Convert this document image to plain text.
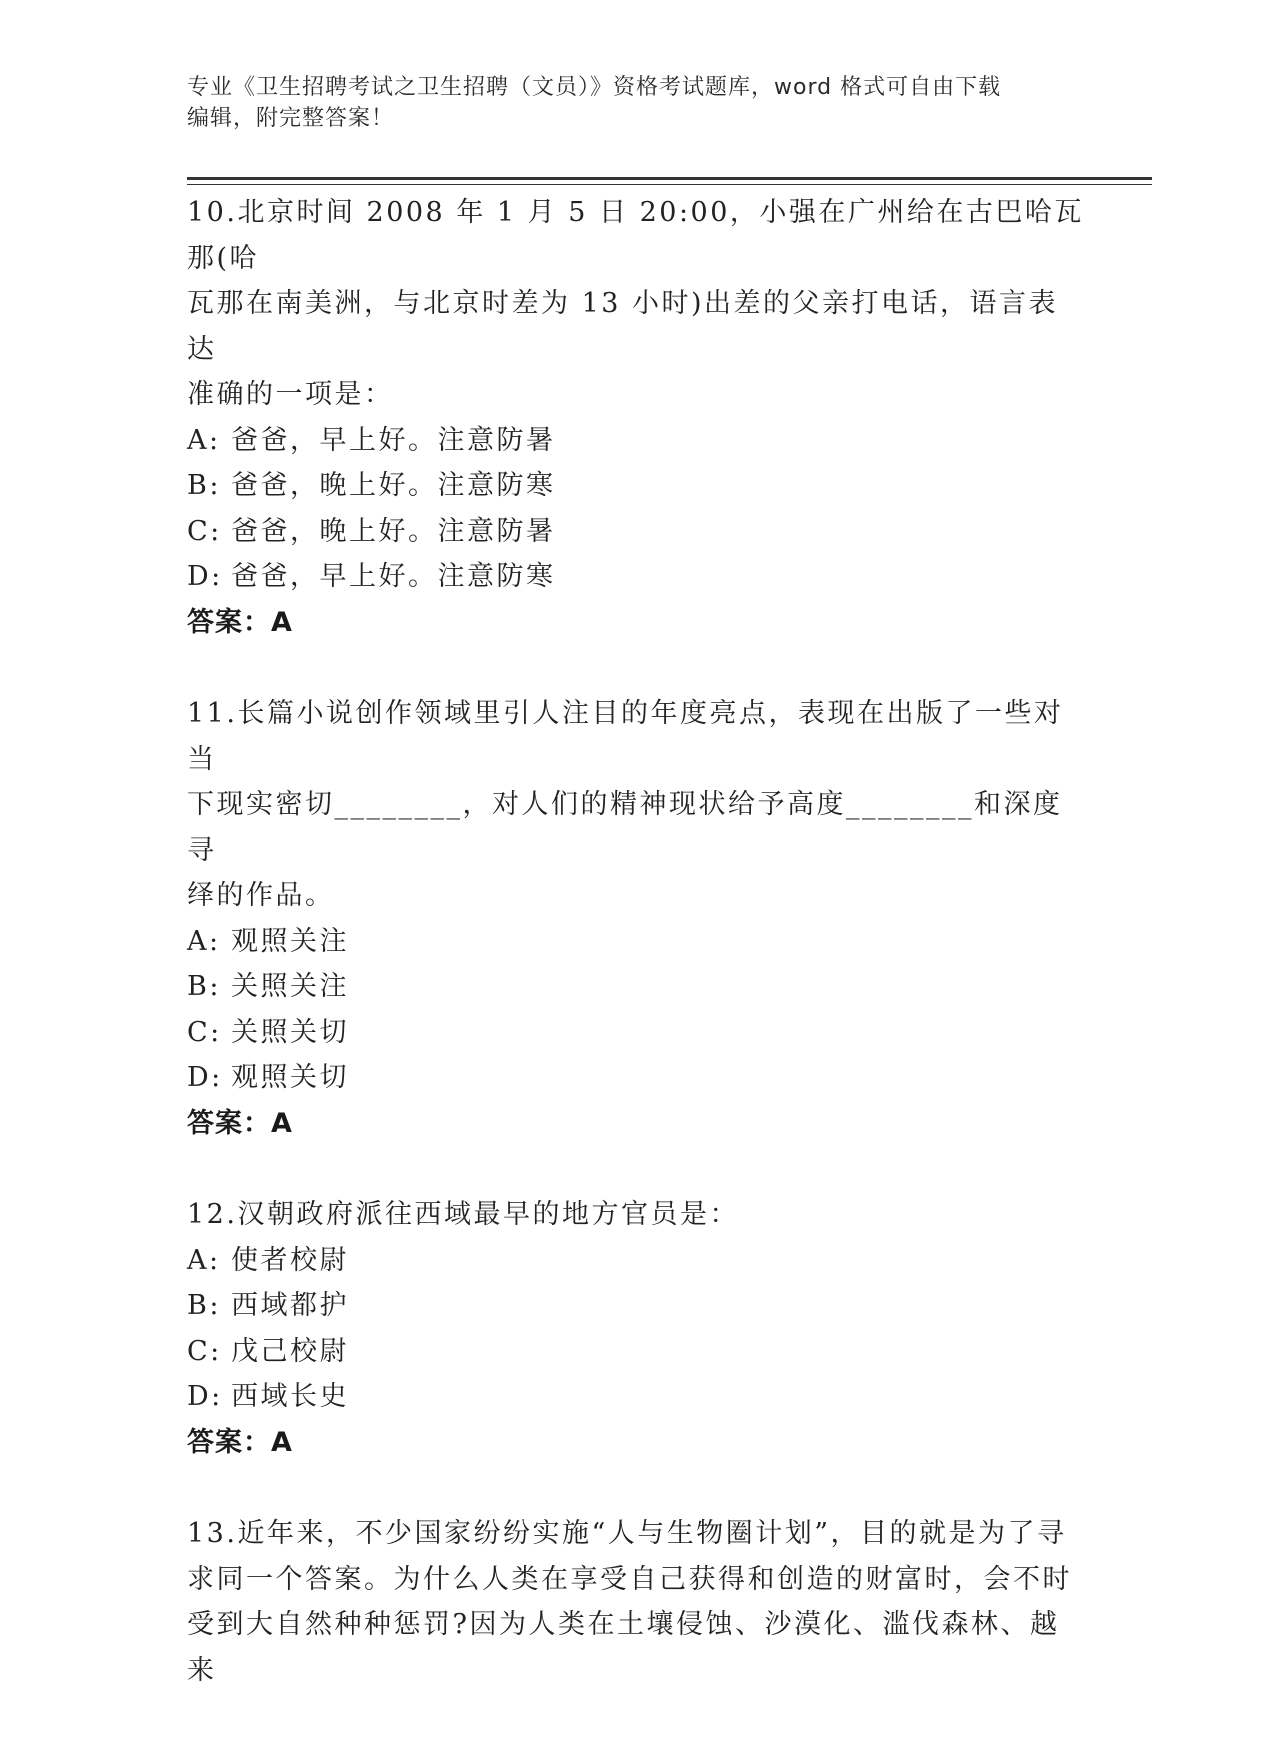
专业《卫生招聘考试之卫生招聘（文员）》资格考试题库，word 格式可自由下载
编辑，附完整答案！

10.北京时间 2008 年 1 月 5 日 20:00，小强在广州给在古巴哈瓦那(哈

瓦那在南美洲，与北京时差为 13 小时)出差的父亲打电话，语言表达

准确的一项是：

A: 爸爸，早上好。注意防暑

B: 爸爸，晚上好。注意防寒

C: 爸爸，晚上好。注意防暑

D: 爸爸，早上好。注意防寒

答案：A

11.长篇小说创作领域里引人注目的年度亮点，表现在出版了一些对当

下现实密切________，对人们的精神现状给予高度________和深度寻

绎的作品。

A: 观照关注

B: 关照关注

C: 关照关切

D: 观照关切

答案：A

12.汉朝政府派往西域最早的地方官员是：

A: 使者校尉

B: 西域都护

C: 戊己校尉

D: 西域长史

答案：A

13.近年来，不少国家纷纷实施“人与生物圈计划”，目的就是为了寻

求同一个答案。为什么人类在享受自己获得和创造的财富时，会不时

受到大自然种种惩罚?因为人类在土壤侵蚀、沙漠化、滥伐森林、越来
